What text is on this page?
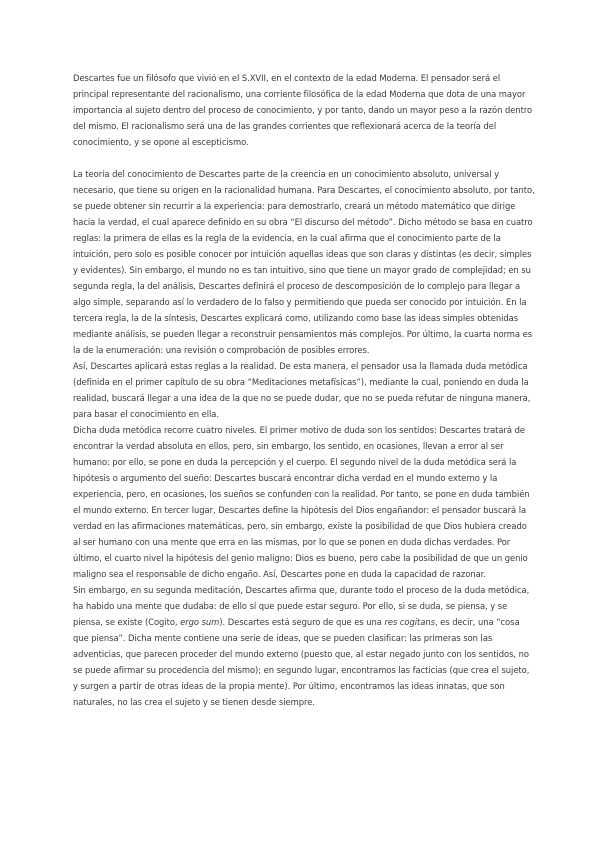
Descartes fue un filósofo que vivió en el S.XVII, en el contexto de la edad Moderna. El pensador será el principal representante del racionalismo, una corriente filosófica de la edad Moderna que dota de una mayor importancia al sujeto dentro del proceso de conocimiento, y por tanto, dando un mayor peso a la razón dentro del mismo. El racionalismo será una de las grandes corrientes que reflexionará acerca de la teoría del conocimiento, y se opone al escepticismo.

La teoría del conocimiento de Descartes parte de la creencia en un conocimiento absoluto, universal y necesario, que tiene su origen en la racionalidad humana. Para Descartes, el conocimiento absoluto, por tanto, se puede obtener sin recurrir a la experiencia: para demostrarlo, creará un método matemático que dirige hacia la verdad, el cual aparece definido en su obra “El discurso del método”. Dicho método se basa en cuatro reglas: la primera de ellas es la regla de la evidencia, en la cual afirma que el conocimiento parte de la intuición, pero solo es posible conocer por intuición aquellas ideas que son claras y distintas (es decir, simples y evidentes). Sin embargo, el mundo no es tan intuitivo, sino que tiene un mayor grado de complejidad; en su segunda regla, la del análisis, Descartes definirá el proceso de descomposición de lo complejo para llegar a algo simple, separando así lo verdadero de lo falso y permitiendo que pueda ser conocido por intuición. En la tercera regla, la de la síntesis, Descartes explicará como, utilizando como base las ideas simples obtenidas mediante análisis, se pueden llegar a reconstruir pensamientos más complejos. Por último, la cuarta norma es la de la enumeración: una revisión o comprobación de posibles errores.

Así, Descartes aplicará estas reglas a la realidad. De esta manera, el pensador usa la llamada duda metódica (definida en el primer capítulo de su obra “Meditaciones metafísicas”), mediante la cual, poniendo en duda la realidad, buscará llegar a una idea de la que no se puede dudar, que no se pueda refutar de ninguna manera, para basar el conocimiento en ella.

Dicha duda metódica recorre cuatro niveles. El primer motivo de duda son los sentidos: Descartes tratará de encontrar la verdad absoluta en ellos, pero, sin embargo, los sentido, en ocasiones, llevan a error al ser humano: por ello, se pone en duda la percepción y el cuerpo. El segundo nivel de la duda metódica será la hipótesis o argumento del sueño: Descartes buscará encontrar dicha verdad en el mundo externo y la experiencia, pero, en ocasiones, los sueños se confunden con la realidad. Por tanto, se pone en duda también el mundo externo. En tercer lugar, Descartes define la hipótesis del Dios engañandor: el pensador buscará la verdad en las afirmaciones matemáticas, pero, sin embargo, existe la posibilidad de que Dios hubiera creado al ser humano con una mente que erra en las mismas, por lo que se ponen en duda dichas verdades. Por último, el cuarto nivel la hipótesis del genio maligno: Dios es bueno, pero cabe la posibilidad de que un genio maligno sea el responsable de dicho engaño. Así, Descartes pone en duda la capacidad de razonar.

Sin embargo, en su segunda meditación, Descartes afirma que, durante todo el proceso de la duda metódica, ha habido una mente que dudaba: de ello sí que puede estar seguro. Por ello, si se duda, se piensa, y se piensa, se existe (Cogito, ergo sum). Descartes está seguro de que es una res cogitans, es decir, una “cosa que piensa”. Dicha mente contiene una serie de ideas, que se pueden clasificar: las primeras son las adventicias, que parecen proceder del mundo externo (puesto que, al estar negado junto con los sentidos, no se puede afirmar su procedencia del mismo); en segundo lugar, encontramos las facticias (que crea el sujeto, y surgen a partir de otras ideas de la propia mente). Por último, encontramos las ideas innatas, que son naturales, no las crea el sujeto y se tienen desde siempre.
